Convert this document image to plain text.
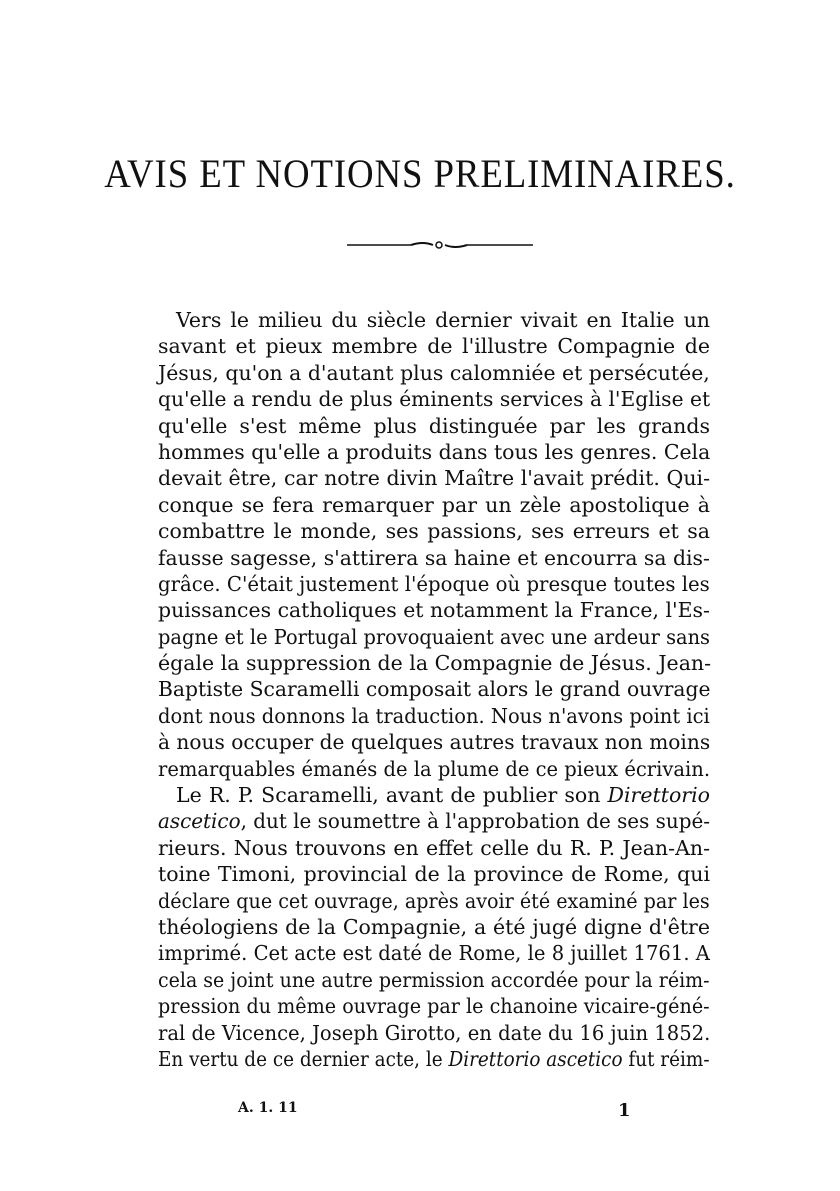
AVIS ET NOTIONS PRELIMINAIRES.
Vers le milieu du siècle dernier vivait en Italie un
savant et pieux membre de l'illustre Compagnie de
Jésus, qu'on a d'autant plus calomniée et persécutée,
qu'elle a rendu de plus éminents services à l'Eglise et
qu'elle s'est même plus distinguée par les grands
hommes qu'elle a produits dans tous les genres. Cela
devait être, car notre divin Maître l'avait prédit. Qui-
conque se fera remarquer par un zèle apostolique à
combattre le monde, ses passions, ses erreurs et sa
fausse sagesse, s'attirera sa haine et encourra sa dis-
grâce. C'était justement l'époque où presque toutes les
puissances catholiques et notamment la France, l'Es-
pagne et le Portugal provoquaient avec une ardeur sans
égale la suppression de la Compagnie de Jésus. Jean-
Baptiste Scaramelli composait alors le grand ouvrage
dont nous donnons la traduction. Nous n'avons point ici
à nous occuper de quelques autres travaux non moins
remarquables émanés de la plume de ce pieux écrivain.
Le R. P. Scaramelli, avant de publier son Direttorio
ascetico, dut le soumettre à l'approbation de ses supé-
rieurs. Nous trouvons en effet celle du R. P. Jean-An-
toine Timoni, provincial de la province de Rome, qui
déclare que cet ouvrage, après avoir été examiné par les
théologiens de la Compagnie, a été jugé digne d'être
imprimé. Cet acte est daté de Rome, le 8 juillet 1761. A
cela se joint une autre permission accordée pour la réim-
pression du même ouvrage par le chanoine vicaire-géné-
ral de Vicence, Joseph Girotto, en date du 16 juin 1852.
En vertu de ce dernier acte, le Direttorio ascetico fut réim-
A. 1. 11	1
